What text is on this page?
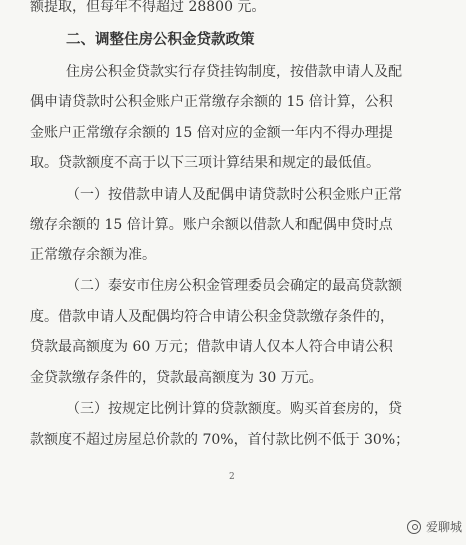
额提取，但每年不得超过 28800 元。
二、调整住房公积金贷款政策
住房公积金贷款实行存贷挂钩制度，按借款申请人及配
偶申请贷款时公积金账户正常缴存余额的 15 倍计算，公积
金账户正常缴存余额的 15 倍对应的金额一年内不得办理提
取。贷款额度不高于以下三项计算结果和规定的最低值。
（一）按借款申请人及配偶申请贷款时公积金账户正常
缴存余额的 15 倍计算。账户余额以借款人和配偶申贷时点
正常缴存余额为准。
（二）泰安市住房公积金管理委员会确定的最高贷款额
度。借款申请人及配偶均符合申请公积金贷款缴存条件的，
贷款最高额度为 60 万元；借款申请人仅本人符合申请公积
金贷款缴存条件的，贷款最高额度为 30 万元。
（三）按规定比例计算的贷款额度。购买首套房的，贷
款额度不超过房屋总价款的 70%，首付款比例不低于 30%；
2
爱聊城
